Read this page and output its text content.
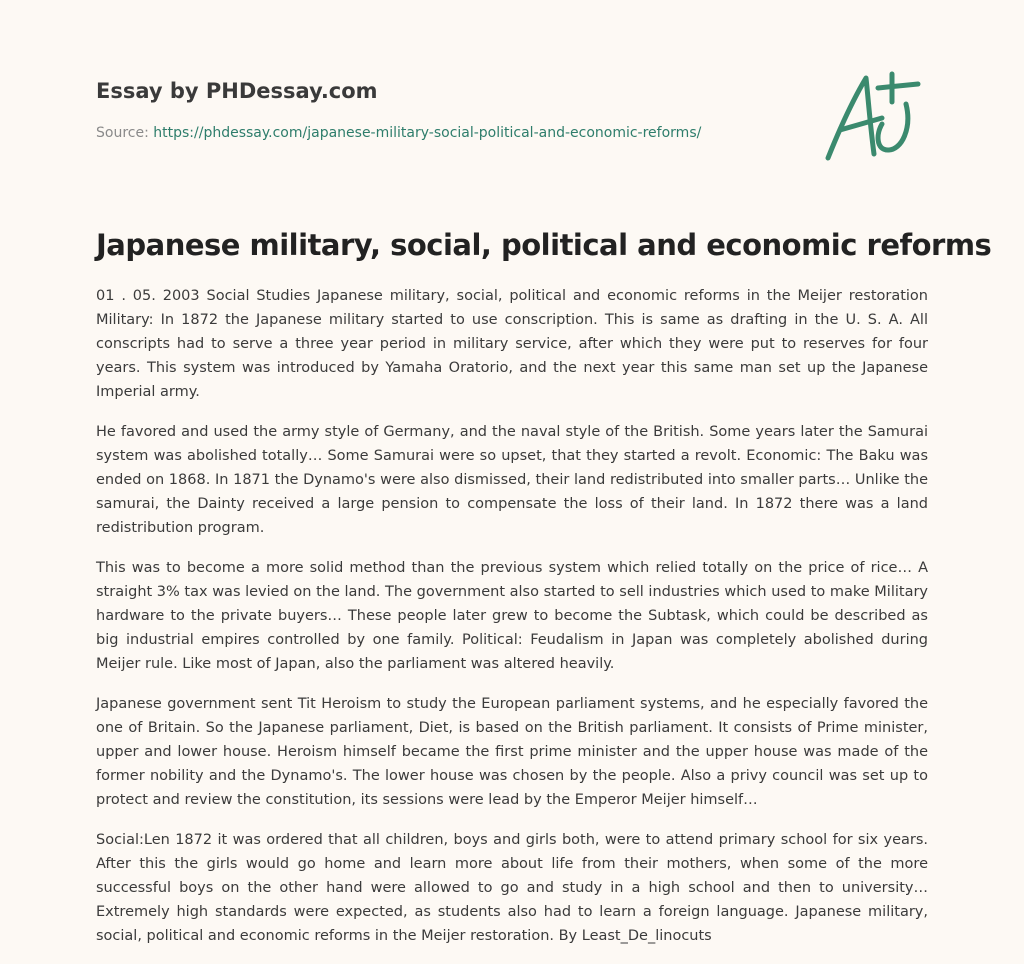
Essay by PHDessay.com

Source: https://phdessay.com/japanese-military-social-political-and-economic-reforms/
Japanese military, social, political and economic reforms

01 . 05. 2003 Social Studies Japanese military, social, political and economic reforms in the Meijer restoration Military: In 1872 the Japanese military started to use conscription. This is same as drafting in the U. S. A. All conscripts had to serve a three year period in military service, after which they were put to reserves for four years. This system was introduced by Yamaha Oratorio, and the next year this same man set up the Japanese Imperial army.

He favored and used the army style of Germany, and the naval style of the British. Some years later the Samurai system was abolished totally… Some Samurai were so upset, that they started a revolt. Economic: The Baku was ended on 1868. In 1871 the Dynamo's were also dismissed, their land redistributed into smaller parts… Unlike the samurai, the Dainty received a large pension to compensate the loss of their land. In 1872 there was a land redistribution program.

This was to become a more solid method than the previous system which relied totally on the price of rice… A straight 3% tax was levied on the land. The government also started to sell industries which used to make Military hardware to the private buyers… These people later grew to become the Subtask, which could be described as big industrial empires controlled by one family. Political: Feudalism in Japan was completely abolished during Meijer rule. Like most of Japan, also the parliament was altered heavily.

Japanese government sent Tit Heroism to study the European parliament systems, and he especially favored the one of Britain. So the Japanese parliament, Diet, is based on the British parliament. It consists of Prime minister, upper and lower house. Heroism himself became the first prime minister and the upper house was made of the former nobility and the Dynamo's. The lower house was chosen by the people. Also a privy council was set up to protect and review the constitution, its sessions were lead by the Emperor Meijer himself…

Social:Len 1872 it was ordered that all children, boys and girls both, were to attend primary school for six years. After this the girls would go home and learn more about life from their mothers, when some of the more successful boys on the other hand were allowed to go and study in a high school and then to university… Extremely high standards were expected, as students also had to learn a foreign language. Japanese military, social, political and economic reforms in the Meijer restoration. By Least_De_linocuts
